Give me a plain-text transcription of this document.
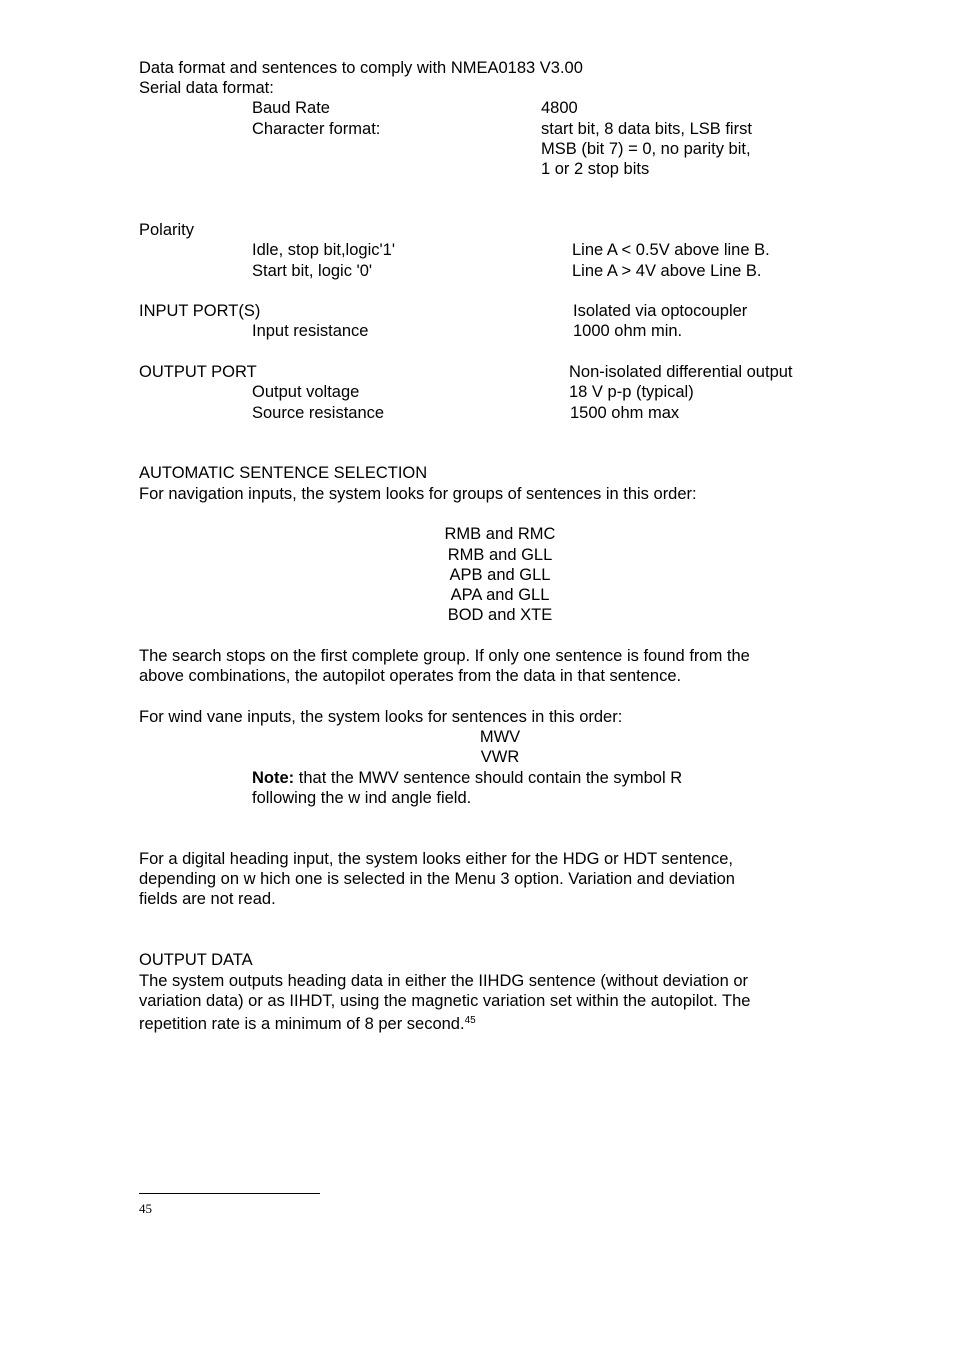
Data format and sentences to comply with NMEA0183 V3.00
Serial data format:
Baud Rate	4800
Character format:	start bit, 8 data bits, LSB first
MSB (bit 7) = 0, no parity bit,
1 or 2 stop bits
Polarity
Idle, stop bit,logic'1'	Line A < 0.5V above line B.
Start bit, logic '0'	Line A > 4V above Line B.
INPUT PORT(S)	Isolated via optocoupler
Input resistance	1000 ohm min.
OUTPUT PORT	Non-isolated differential output
Output voltage	18 V p-p (typical)
Source resistance	1500 ohm max
AUTOMATIC SENTENCE SELECTION
For navigation inputs, the system looks for groups of sentences in this order:
RMB and RMC
RMB and GLL
APB and GLL
APA and GLL
BOD and XTE
The search stops on the first complete group. If only one sentence is found from the
above combinations, the autopilot operates from the data in that sentence.
For wind vane inputs, the system looks for sentences in this order:
MWV
VWR
Note: that the MWV sentence should contain the symbol R
following the w ind angle field.
For a digital heading input, the system looks either for the HDG or HDT sentence,
depending on w hich one is selected in the Menu 3 option. Variation and deviation
fields are not read.
OUTPUT DATA
The system outputs heading data in either the IIHDG sentence (without deviation or
variation data) or as IIHDT, using the magnetic variation set within the autopilot. The
repetition rate is a minimum of 8 per second.$^{45}$
45
